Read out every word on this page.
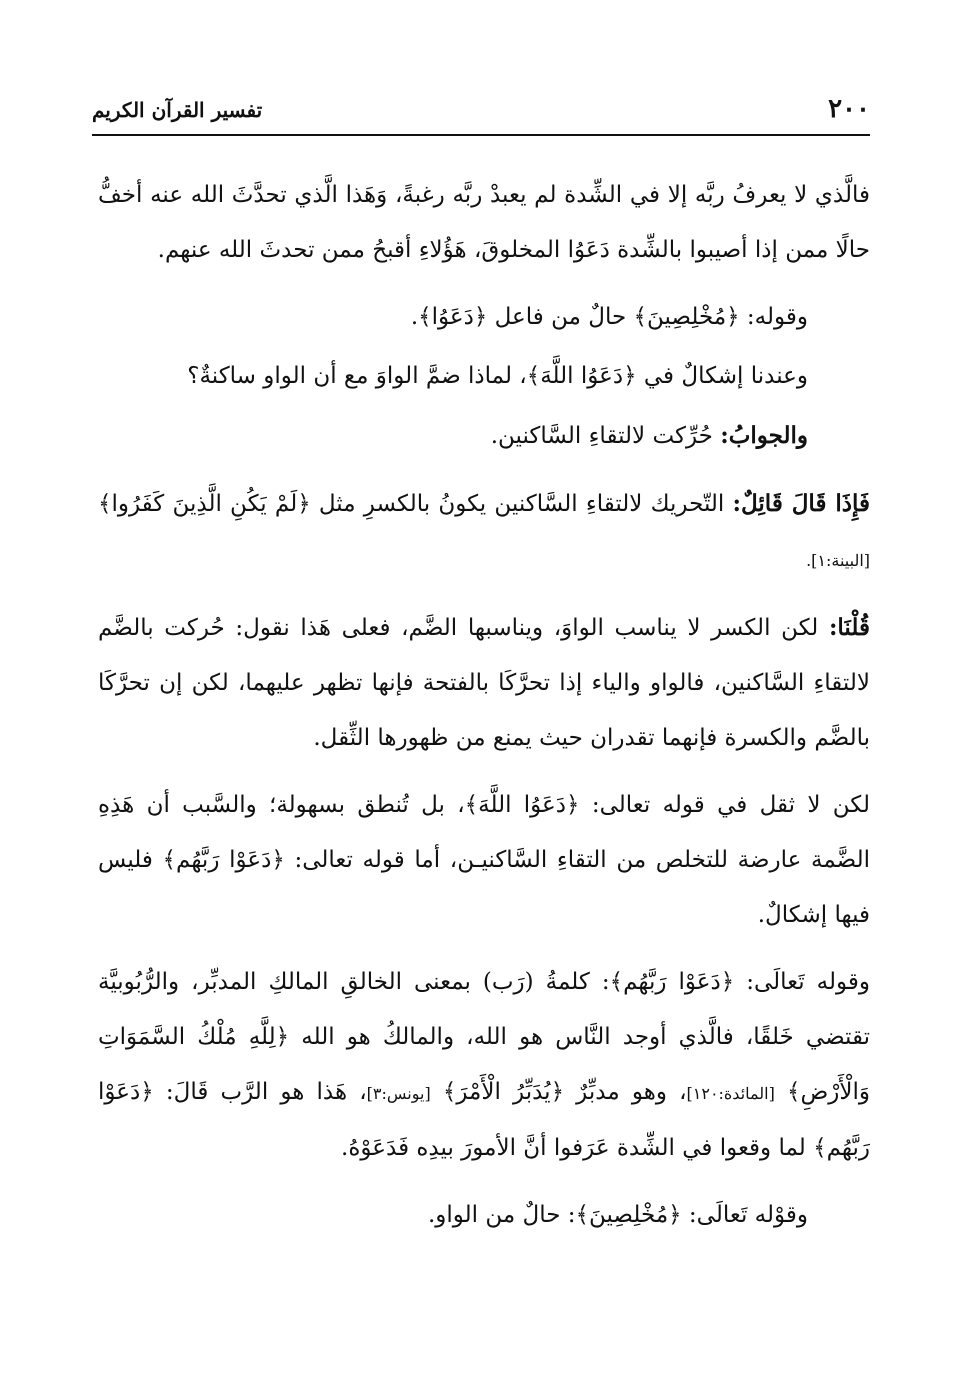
٢٠٠
تفسير القرآن الكريم

فالَّذي لا يعرفُ ربَّه إلا في الشِّدة لم يعبدْ ربَّه رغبةً، وَهَذا الَّذي تحدَّثَ الله عنه أخفُّ حالًا ممن إذا أصيبوا بالشِّدة دَعَوُا المخلوقَ، هَؤُلاءِ أقبحُ ممن تحدثَ الله عنهم.

وقوله: ﴿مُخْلِصِينَ﴾ حالٌ من فاعل ﴿دَعَوُا﴾.

وعندنا إشكالٌ في ﴿دَعَوُا اللَّهَ﴾، لماذا ضمَّ الواوَ مع أن الواو ساكنةٌ؟

والجوابُ: حُرِّكت لالتقاءِ السَّاكنين.

فَإِذَا قَالَ قَائِلٌ: التّحريك لالتقاءِ السَّاكنين يكونُ بالكسرِ مثل ﴿لَمْ يَكُنِ الَّذِينَ كَفَرُوا﴾ [البينة:١].

قُلْنَا: لكن الكسر لا يناسب الواوَ، ويناسبها الضَّم، فعلى هَذا نقول: حُركت بالضَّم لالتقاءِ السَّاكنين، فالواو والياء إذا تحرَّكَا بالفتحة فإنها تظهر عليهما، لكن إن تحرَّكَا بالضَّم والكسرة فإنهما تقدران حيث يمنع من ظهورها الثِّقل.

لكن لا ثقل في قوله تعالى: ﴿دَعَوُا اللَّهَ﴾، بل تُنطق بسهولة؛ والسَّبب أن هَذِهِ الضَّمة عارضة للتخلص من التقاءِ السَّاكنيـن، أما قوله تعالى: ﴿دَعَوْا رَبَّهُم﴾ فليس فيها إشكالٌ.

وقوله تَعالَى: ﴿دَعَوْا رَبَّهُم﴾: كلمةُ (رَب) بمعنى الخالقِ المالكِ المدبِّر، والرُّبُوبيَّة تقتضي خَلقًا، فالَّذي أوجد النَّاس هو الله، والمالكُ هو الله ﴿لِلَّهِ مُلْكُ السَّمَوَاتِ وَالْأَرْضِ﴾ [المائدة:١٢٠]، وهو مدبِّرٌ ﴿يُدَبِّرُ الْأَمْرَ﴾ [يونس:٣]، هَذا هو الرَّب قَالَ: ﴿دَعَوْا رَبَّهُم﴾ لما وقعوا في الشِّدة عَرَفوا أنَّ الأمورَ بيدِه فَدَعَوْهُ.

وقوْله تَعالَى: ﴿مُخْلِصِينَ﴾: حالٌ من الواو.
